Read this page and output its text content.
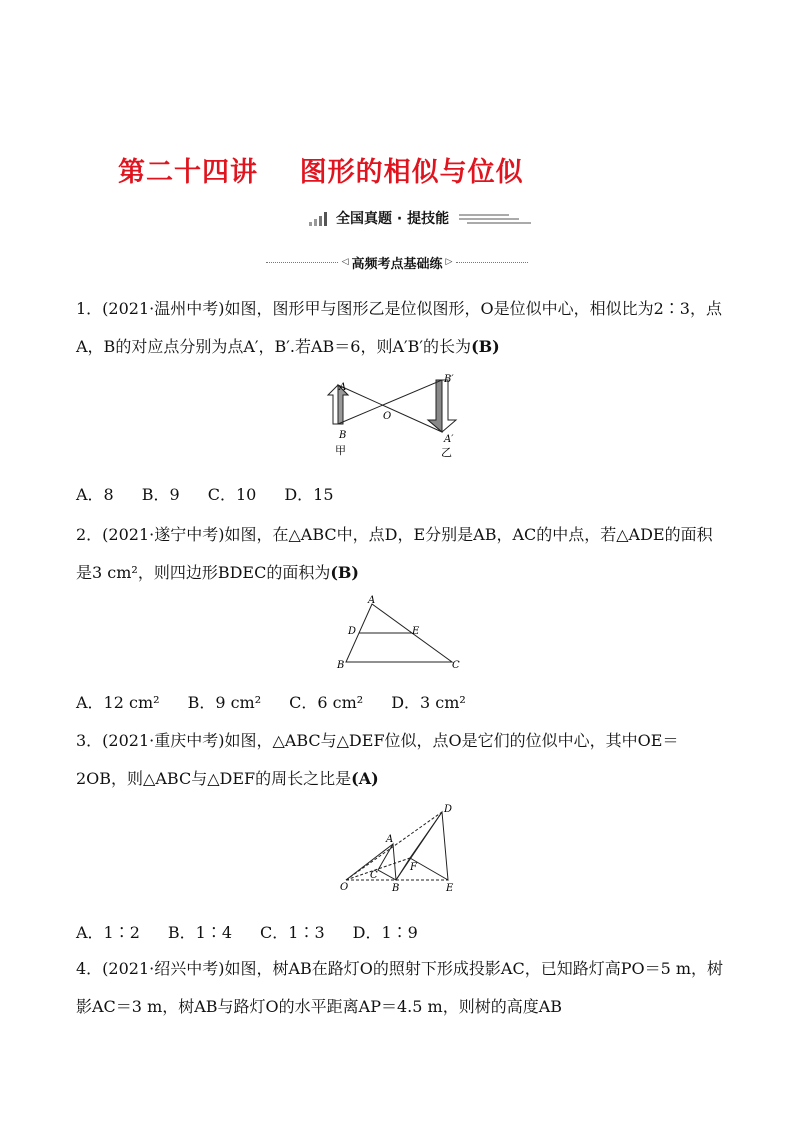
第二十四讲    图形的相似与位似
全国真题 · 提技能
◁ 高频考点基础练 ▷
1．(2021·温州中考)如图，图形甲与图形乙是位似图形，O是位似中心，相似比为2∶3，点A，B的对应点分别为点A′，B′.若AB＝6，则A′B′的长为(B)
A
B
O
B′
A′
甲	乙
A．8 B．9 C．10 D．15
2．(2021·遂宁中考)如图，在△ABC中，点D，E分别是AB，AC的中点，若△ADE的面积是3 cm²，则四边形BDEC的面积为(B)
A
D	E
B	C
A．12 cm² B．9 cm² C．6 cm² D．3 cm²
3．(2021·重庆中考)如图，△ABC与△DEF位似，点O是它们的位似中心，其中OE＝2OB，则△ABC与△DEF的周长之比是(A)
D
A
F
C
O	B	E
A．1∶2 B．1∶4 C．1∶3 D．1∶9
4．(2021·绍兴中考)如图，树AB在路灯O的照射下形成投影AC，已知路灯高PO＝5 m，树影AC＝3 m，树AB与路灯O的水平距离AP＝4.5 m，则树的高度AB
